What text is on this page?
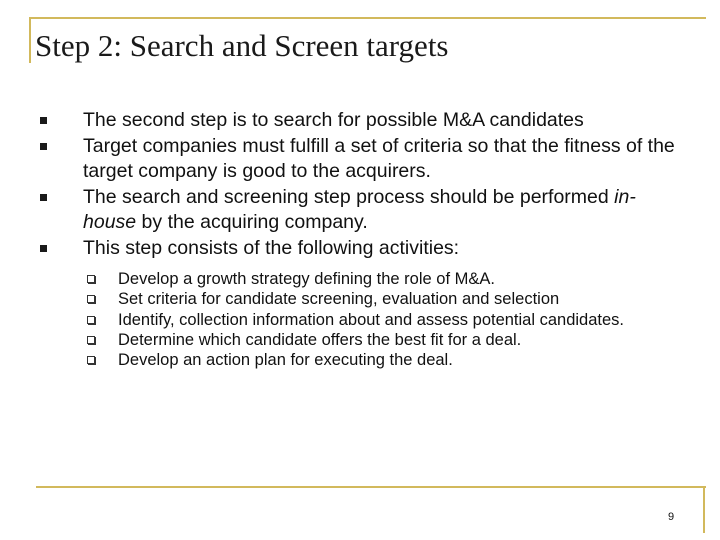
Step 2: Search and Screen targets
The second step is to search for possible M&A candidates
Target companies must fulfill a set of criteria so that the fitness of the target company is good to the acquirers.
The search and screening step process should be performed in-house by the acquiring company.
This step consists of the following activities:
Develop a growth strategy defining the role of M&A.
Set criteria for candidate screening, evaluation and selection
Identify, collection information about and assess potential candidates.
Determine which candidate offers the best fit for a deal.
Develop an action plan for executing the deal.
9
